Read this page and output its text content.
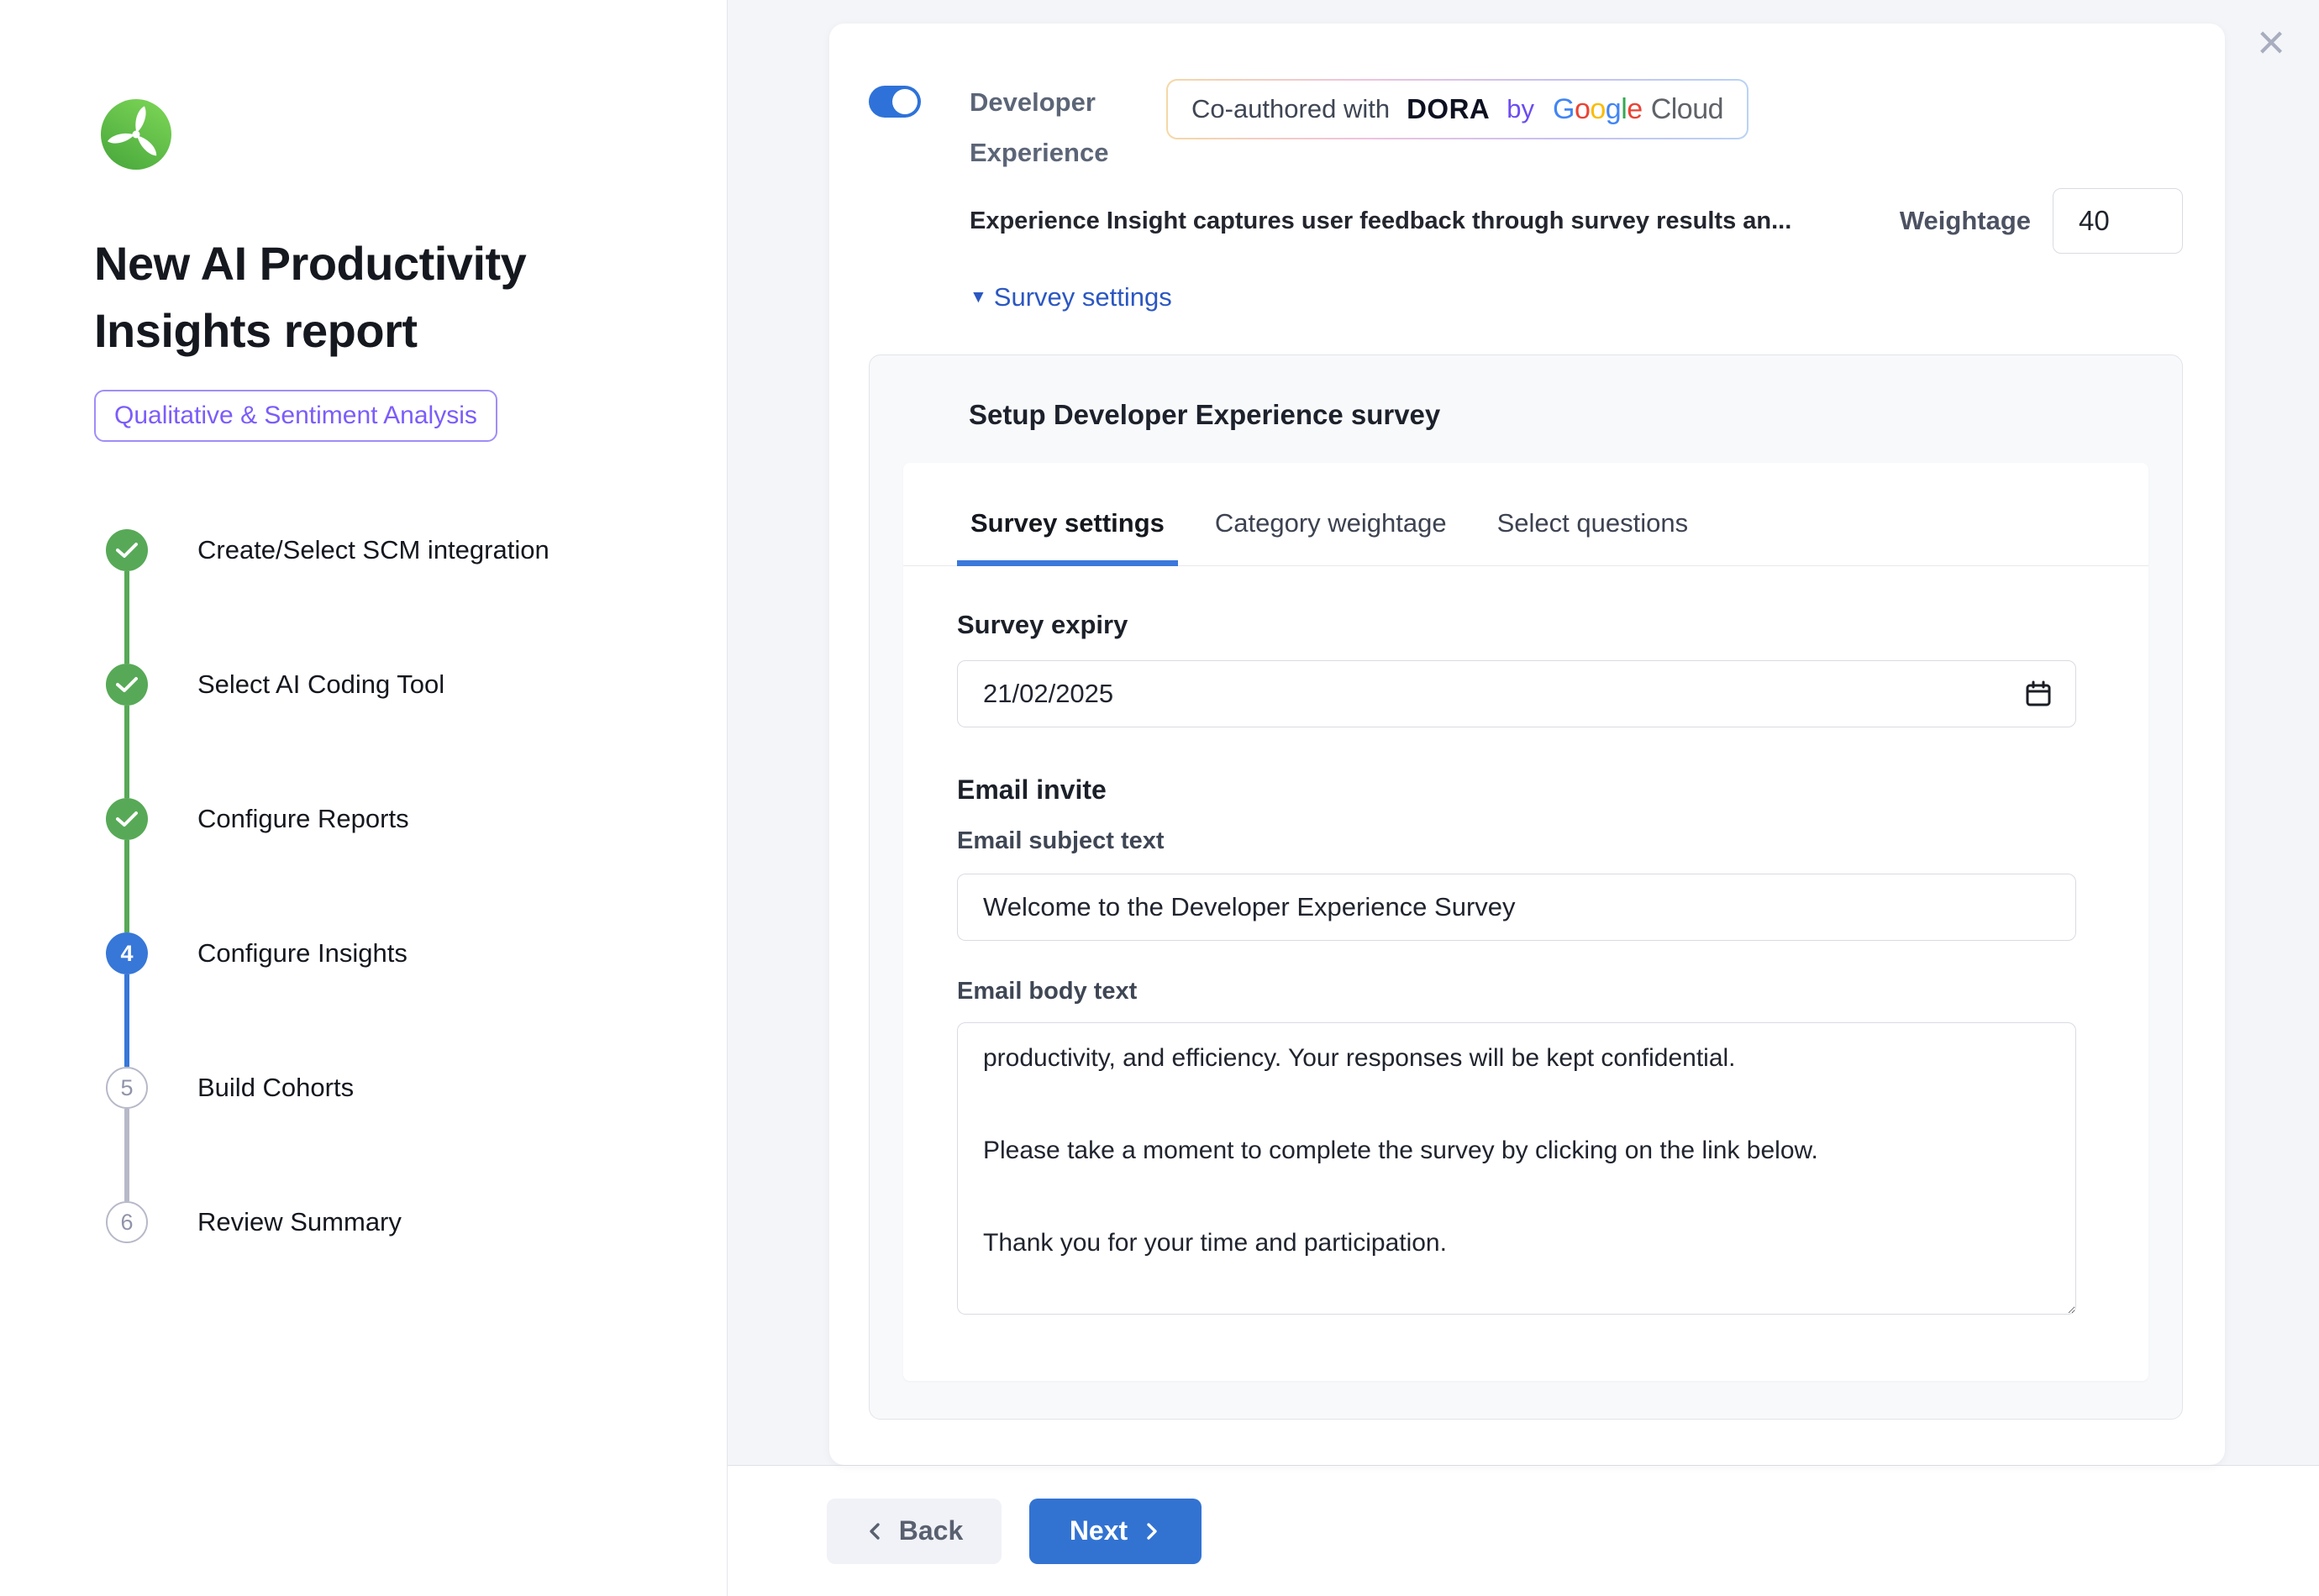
New AI Productivity Insights report
Qualitative & Sentiment Analysis
Create/Select SCM integration
Select AI Coding Tool
Configure Reports
4	Configure Insights
5	Build Cohorts
6	Review Summary
×
Developer
Experience
Co-authored with DORA by Google Cloud
Experience Insight captures user feedback through survey results an...	Weightage
40
▼ Survey settings
Setup Developer Experience survey
Survey settings	Category weightage	Select questions
Survey expiry
21/02/2025
Email invite
Email subject text
Welcome to the Developer Experience Survey
Email body text
productivity, and efficiency. Your responses will be kept confidential. Please take a moment to complete the survey by clicking on the link below. Thank you for your time and participation.
Back	Next
